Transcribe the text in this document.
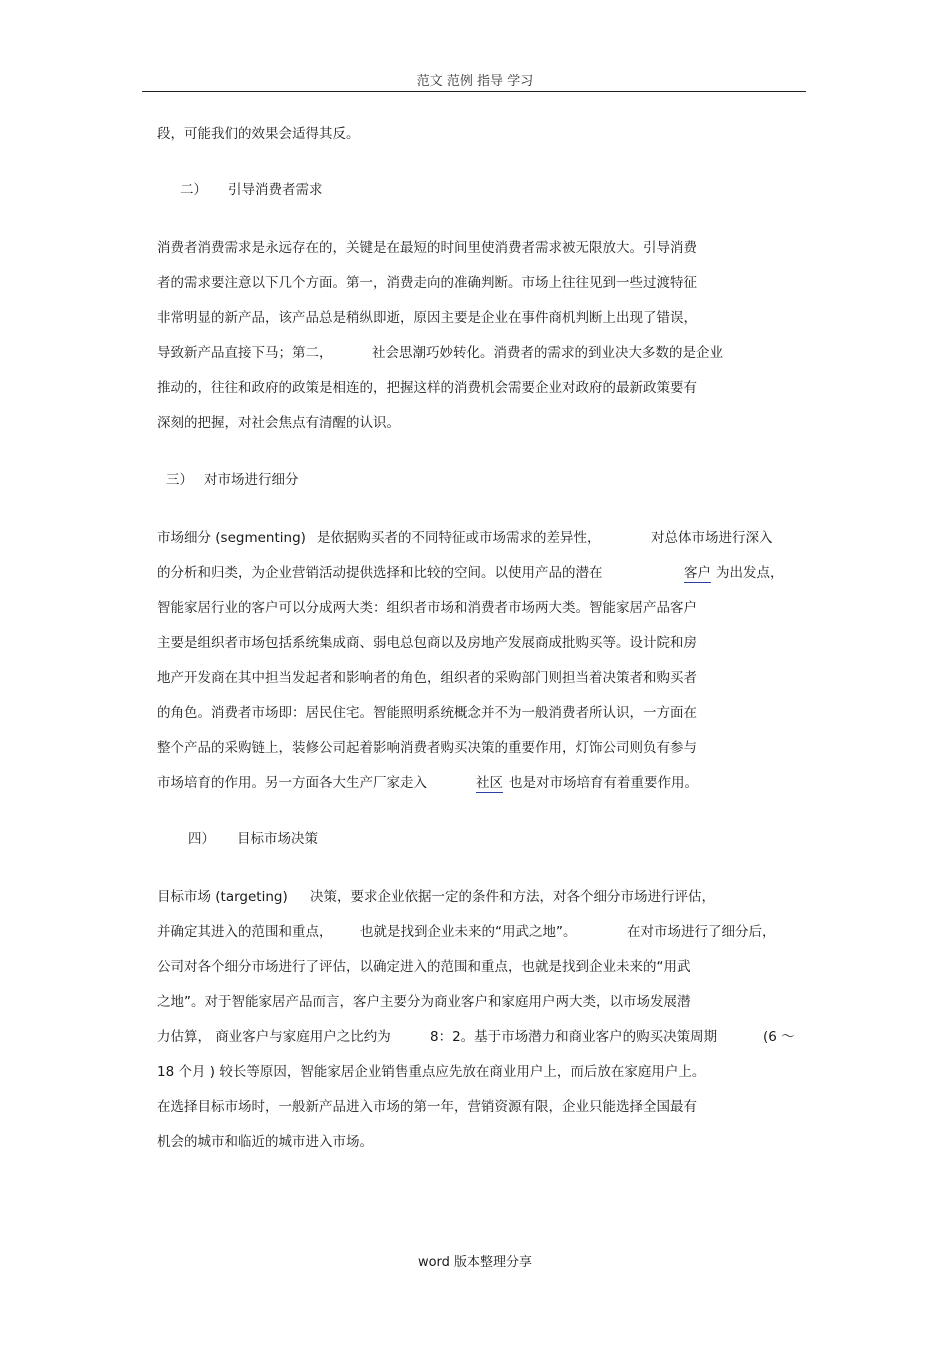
范文 范例 指导 学习
段，可能我们的效果会适得其反。
二） 引导消费者需求
消费者消费需求是永远存在的，关键是在最短的时间里使消费者需求被无限放大。引导消费
者的需求要注意以下几个方面。第一，消费走向的准确判断。市场上往往见到一些过渡特征
非常明显的新产品，该产品总是稍纵即逝，原因主要是企业在事件商机判断上出现了错误，
导致新产品直接下马；第二，	社会思潮巧妙转化。消费者的需求的到业决大多数的是企业
推动的，往往和政府的政策是相连的，把握这样的消费机会需要企业对政府的最新政策要有
深刻的把握，对社会焦点有清醒的认识。
三） 对市场进行细分
市场细分 (segmenting) 是依据购买者的不同特征或市场需求的差异性，	对总体市场进行深入
的分析和归类，为企业营销活动提供选择和比较的空间。以使用产品的潜在	客户 为出发点，
智能家居行业的客户可以分成两大类：组织者市场和消费者市场两大类。智能家居产品客户
主要是组织者市场包括系统集成商、弱电总包商以及房地产发展商成批购买等。设计院和房
地产开发商在其中担当发起者和影响者的角色，组织者的采购部门则担当着决策者和购买者
的角色。消费者市场即：居民住宅。智能照明系统概念并不为一般消费者所认识，一方面在
整个产品的采购链上，装修公司起着影响消费者购买决策的重要作用，灯饰公司则负有参与
市场培育的作用。另一方面各大生产厂家走入	社区 也是对市场培育有着重要作用。
四） 目标市场决策
目标市场 (targeting) 决策，要求企业依据一定的条件和方法，对各个细分市场进行评估，
并确定其进入的范围和重点， 也就是找到企业未来的“用武之地”。	在对市场进行了细分后，
公司对各个细分市场进行了评估，以确定进入的范围和重点，也就是找到企业未来的“用武
之地”。对于智能家居产品而言，客户主要分为商业客户和家庭用户两大类，以市场发展潜
力估算， 商业客户与家庭用户之比约为	8：2。基于市场潜力和商业客户的购买决策周期	(6 ～
18 个月 ) 较长等原因，智能家居企业销售重点应先放在商业用户上，而后放在家庭用户上。
在选择目标市场时，一般新产品进入市场的第一年，营销资源有限，企业只能选择全国最有
机会的城市和临近的城市进入市场。
word 版本整理分享
